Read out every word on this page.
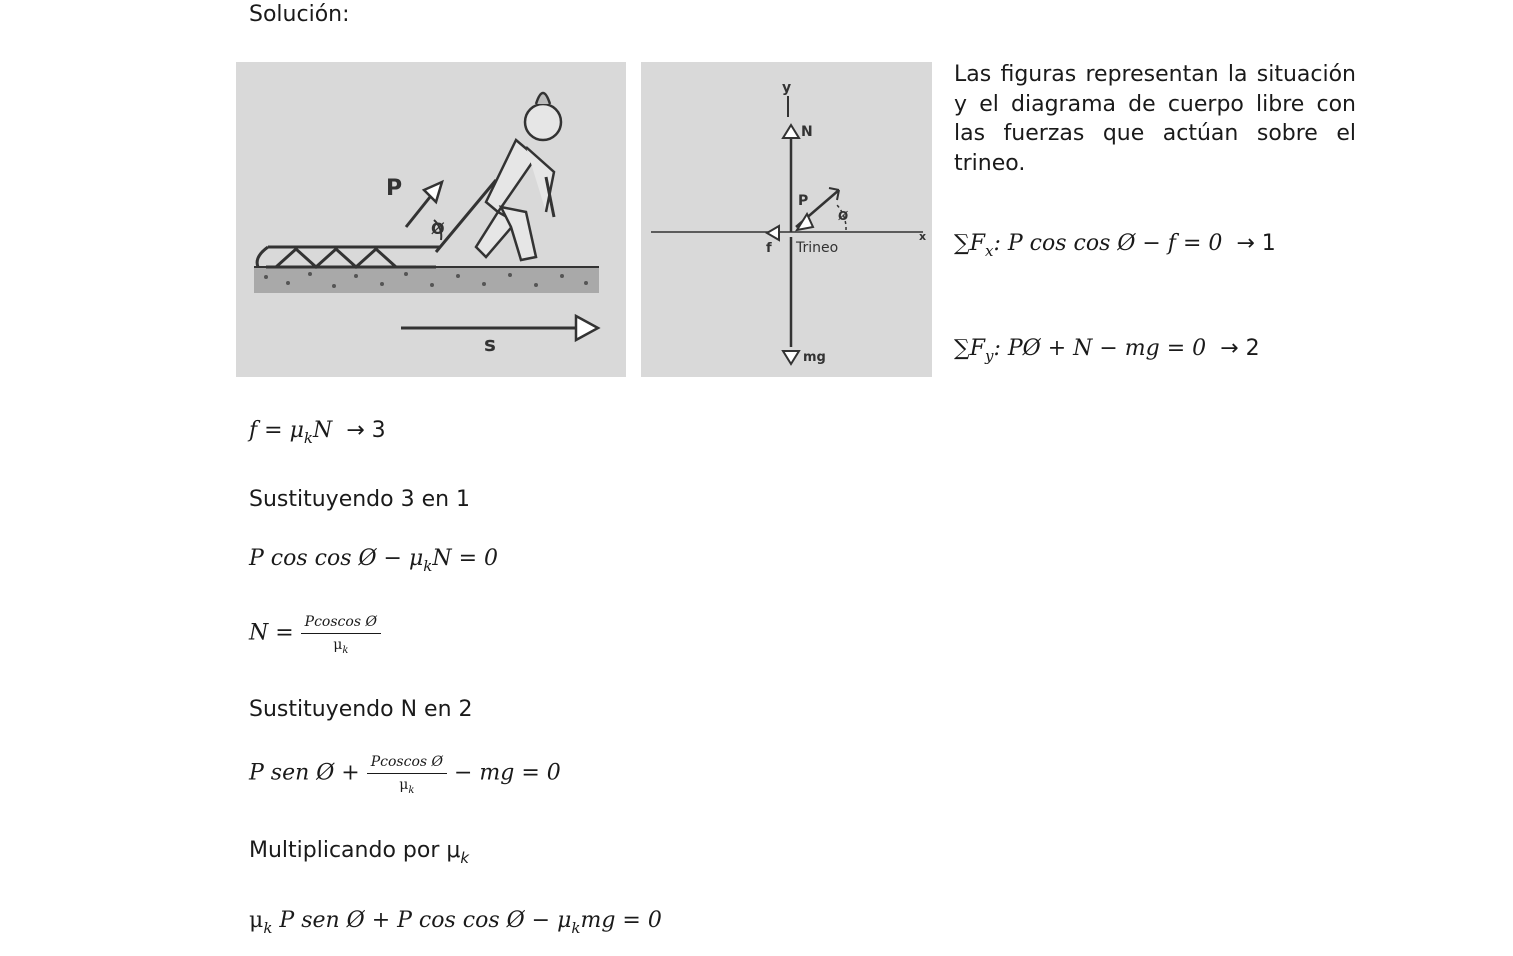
Solución:
P
Ø
s
y
x
N
P
Ø
f Trineo
mg
Las figuras representan la situación y el diagrama de cuerpo libre con las fuerzas que actúan sobre el trineo.
$\sum F_x$: P cos cos Ø − f = 0  → 1
$\sum F_y$: PØ + N − mg = 0  → 2
$f = \mu_kN \to 3$
Sustituyendo 3 en 1
P cos cos Ø − $\mu_kN = 0$
$N = \frac{\text{Pcoscos Ø}}{\mu_k}$
Sustituyendo N en 2
P sen Ø + $\frac{\text{Pcoscos Ø}}{\mu_k}$ − mg = 0
Multiplicando por $\mu_k$
$\mu_k$ P sen Ø + P cos cos Ø − $\mu_kmg = 0$
